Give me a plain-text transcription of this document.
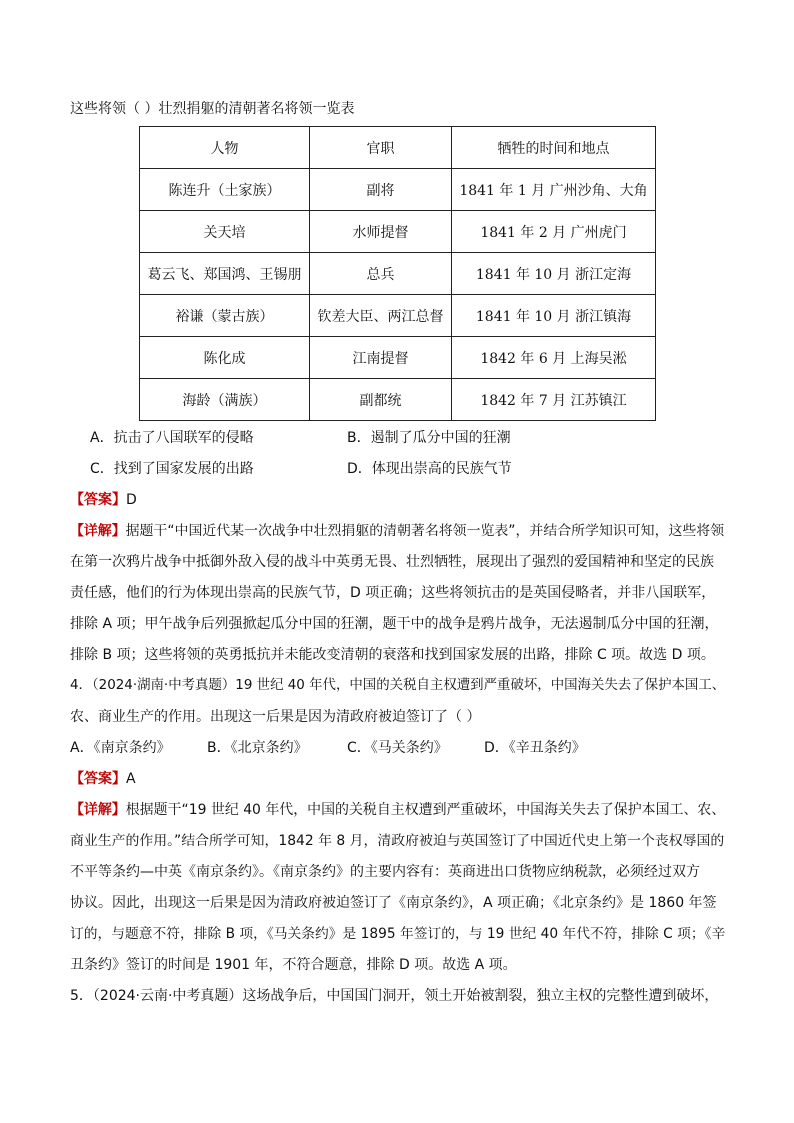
这些将领（ ）壮烈捐躯的清朝著名将领一览表
人物	官职	牺牲的时间和地点
陈连升（土家族）	副将	1841 年 1 月 广州沙角、大角
关天培	水师提督	1841 年 2 月 广州虎门
葛云飞、郑国鸿、王锡朋	总兵	1841 年 10 月 浙江定海
裕谦（蒙古族）	钦差大臣、两江总督	1841 年 10 月 浙江镇海
陈化成	江南提督	1842 年 6 月 上海吴淞
海龄（满族）	副都统	1842 年 7 月 江苏镇江
A．抗击了八国联军的侵略	B．遏制了瓜分中国的狂潮
C．找到了国家发展的出路	D．体现出崇高的民族气节
【答案】D
【详解】据题干“中国近代某一次战争中壮烈捐躯的清朝著名将领一览表”，并结合所学知识可知，这些将领
在第一次鸦片战争中抵御外敌入侵的战斗中英勇无畏、壮烈牺牲，展现出了强烈的爱国精神和坚定的民族
责任感，他们的行为体现出崇高的民族气节，D 项正确；这些将领抗击的是英国侵略者，并非八国联军，
排除 A 项；甲午战争后列强掀起瓜分中国的狂潮，题干中的战争是鸦片战争，无法遏制瓜分中国的狂潮，
排除 B 项；这些将领的英勇抵抗并未能改变清朝的衰落和找到国家发展的出路，排除 C 项。故选 D 项。
4．（2024·湖南·中考真题）19 世纪 40 年代，中国的关税自主权遭到严重破坏，中国海关失去了保护本国工、
农、商业生产的作用。出现这一后果是因为清政府被迫签订了（ ）
A．《南京条约》	B．《北京条约》	C．《马关条约》	D．《辛丑条约》
【答案】A
【详解】根据题干“19 世纪 40 年代，中国的关税自主权遭到严重破坏，中国海关失去了保护本国工、农、
商业生产的作用。”结合所学可知，1842 年 8 月，清政府被迫与英国签订了中国近代史上第一个丧权辱国的
不平等条约—中英《南京条约》。《南京条约》的主要内容有：英商进出口货物应纳税款，必须经过双方
协议。因此，出现这一后果是因为清政府被迫签订了《南京条约》，A 项正确；《北京条约》是 1860 年签
订的，与题意不符，排除 B 项，《马关条约》是 1895 年签订的，与 19 世纪 40 年代不符，排除 C 项；《辛
丑条约》签订的时间是 1901 年，不符合题意，排除 D 项。故选 A 项。
5．（2024·云南·中考真题）这场战争后，中国国门洞开，领土开始被割裂，独立主权的完整性遭到破坏，
